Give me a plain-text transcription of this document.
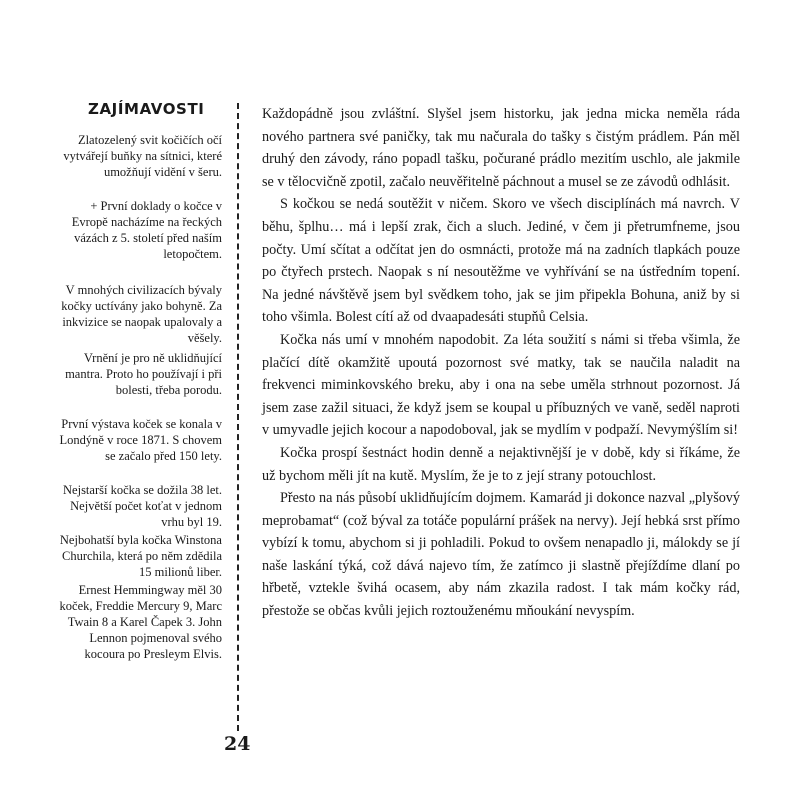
ZAJÍMAVOSTI
Zlatozelený svit kočičích očí vytvářejí buňky na sítnici, které umožňují vidění v šeru.
+ První doklady o kočce v Evropě nacházíme na řeckých vázách z 5. století před naším letopočtem.
V mnohých civilizacích bývaly kočky uctívány jako bohyně. Za inkvizice se naopak upalovaly a věšely.
Vrnění je pro ně uklidňující mantra. Proto ho používají i při bolesti, třeba porodu.
První výstava koček se konala v Londýně v roce 1871. S chovem se začalo před 150 lety.
Nejstarší kočka se dožila 38 let. Největší počet koťat v jednom vrhu byl 19.
Nejbohatší byla kočka Winstona Churchila, která po něm zdědila 15 milionů liber.
Ernest Hemmingway měl 30 koček, Freddie Mercury 9, Marc Twain 8 a Karel Čapek 3. John Lennon pojmenoval svého kocoura po Presleym Elvis.
24

Každopádně jsou zvláštní. Slyšel jsem historku, jak jedna micka neměla ráda nového partnera své paničky, tak mu načurala do tašky s čistým prádlem. Pán měl druhý den závody, ráno popadl tašku, počurané prádlo mezitím uschlo, ale jakmile se v tělocvičně zpotil, začalo neuvěřitelně páchnout a musel se ze závodů odhlásit.

S kočkou se nedá soutěžit v ničem. Skoro ve všech disciplínách má navrch. V běhu, šplhu… má i lepší zrak, čich a sluch. Jediné, v čem ji přetrumfneme, jsou počty. Umí sčítat a odčítat jen do osmnácti, protože má na zadních tlapkách pouze po čtyřech prstech. Naopak s ní nesoutěžme ve vyhřívání se na ústředním topení. Na jedné návštěvě jsem byl svědkem toho, jak se jim připekla Bohuna, aniž by si toho všimla. Bolest cítí až od dvaapadesáti stupňů Celsia.

Kočka nás umí v mnohém napodobit. Za léta soužití s námi si třeba všimla, že plačící dítě okamžitě upoutá pozornost své matky, tak se naučila naladit na frekvenci miminkovského breku, aby i ona na sebe uměla strhnout pozornost. Já jsem zase zažil situaci, že když jsem se koupal u příbuzných ve vaně, seděl naproti v umyvadle jejich kocour a napodoboval, jak se mydlím v podpaží. Nevymýšlím si!

Kočka prospí šestnáct hodin denně a nejaktivnější je v době, kdy si říkáme, že už bychom měli jít na kutě. Myslím, že je to z její strany potouchlost.

Přesto na nás působí uklidňujícím dojmem. Kamarád ji dokonce nazval „plyšový meprobamat“ (což býval za totáče populární prášek na nervy). Její hebká srst přímo vybízí k tomu, abychom si ji pohladili. Pokud to ovšem nenapadlo ji, málokdy se jí naše laskání týká, což dává najevo tím, že zatímco ji slastně přejíždíme dlaní po hřbetě, vztekle švihá ocasem, aby nám zkazila radost. I tak mám kočky rád, přestože se občas kvůli jejich roztouženému mňoukání nevyspím.
